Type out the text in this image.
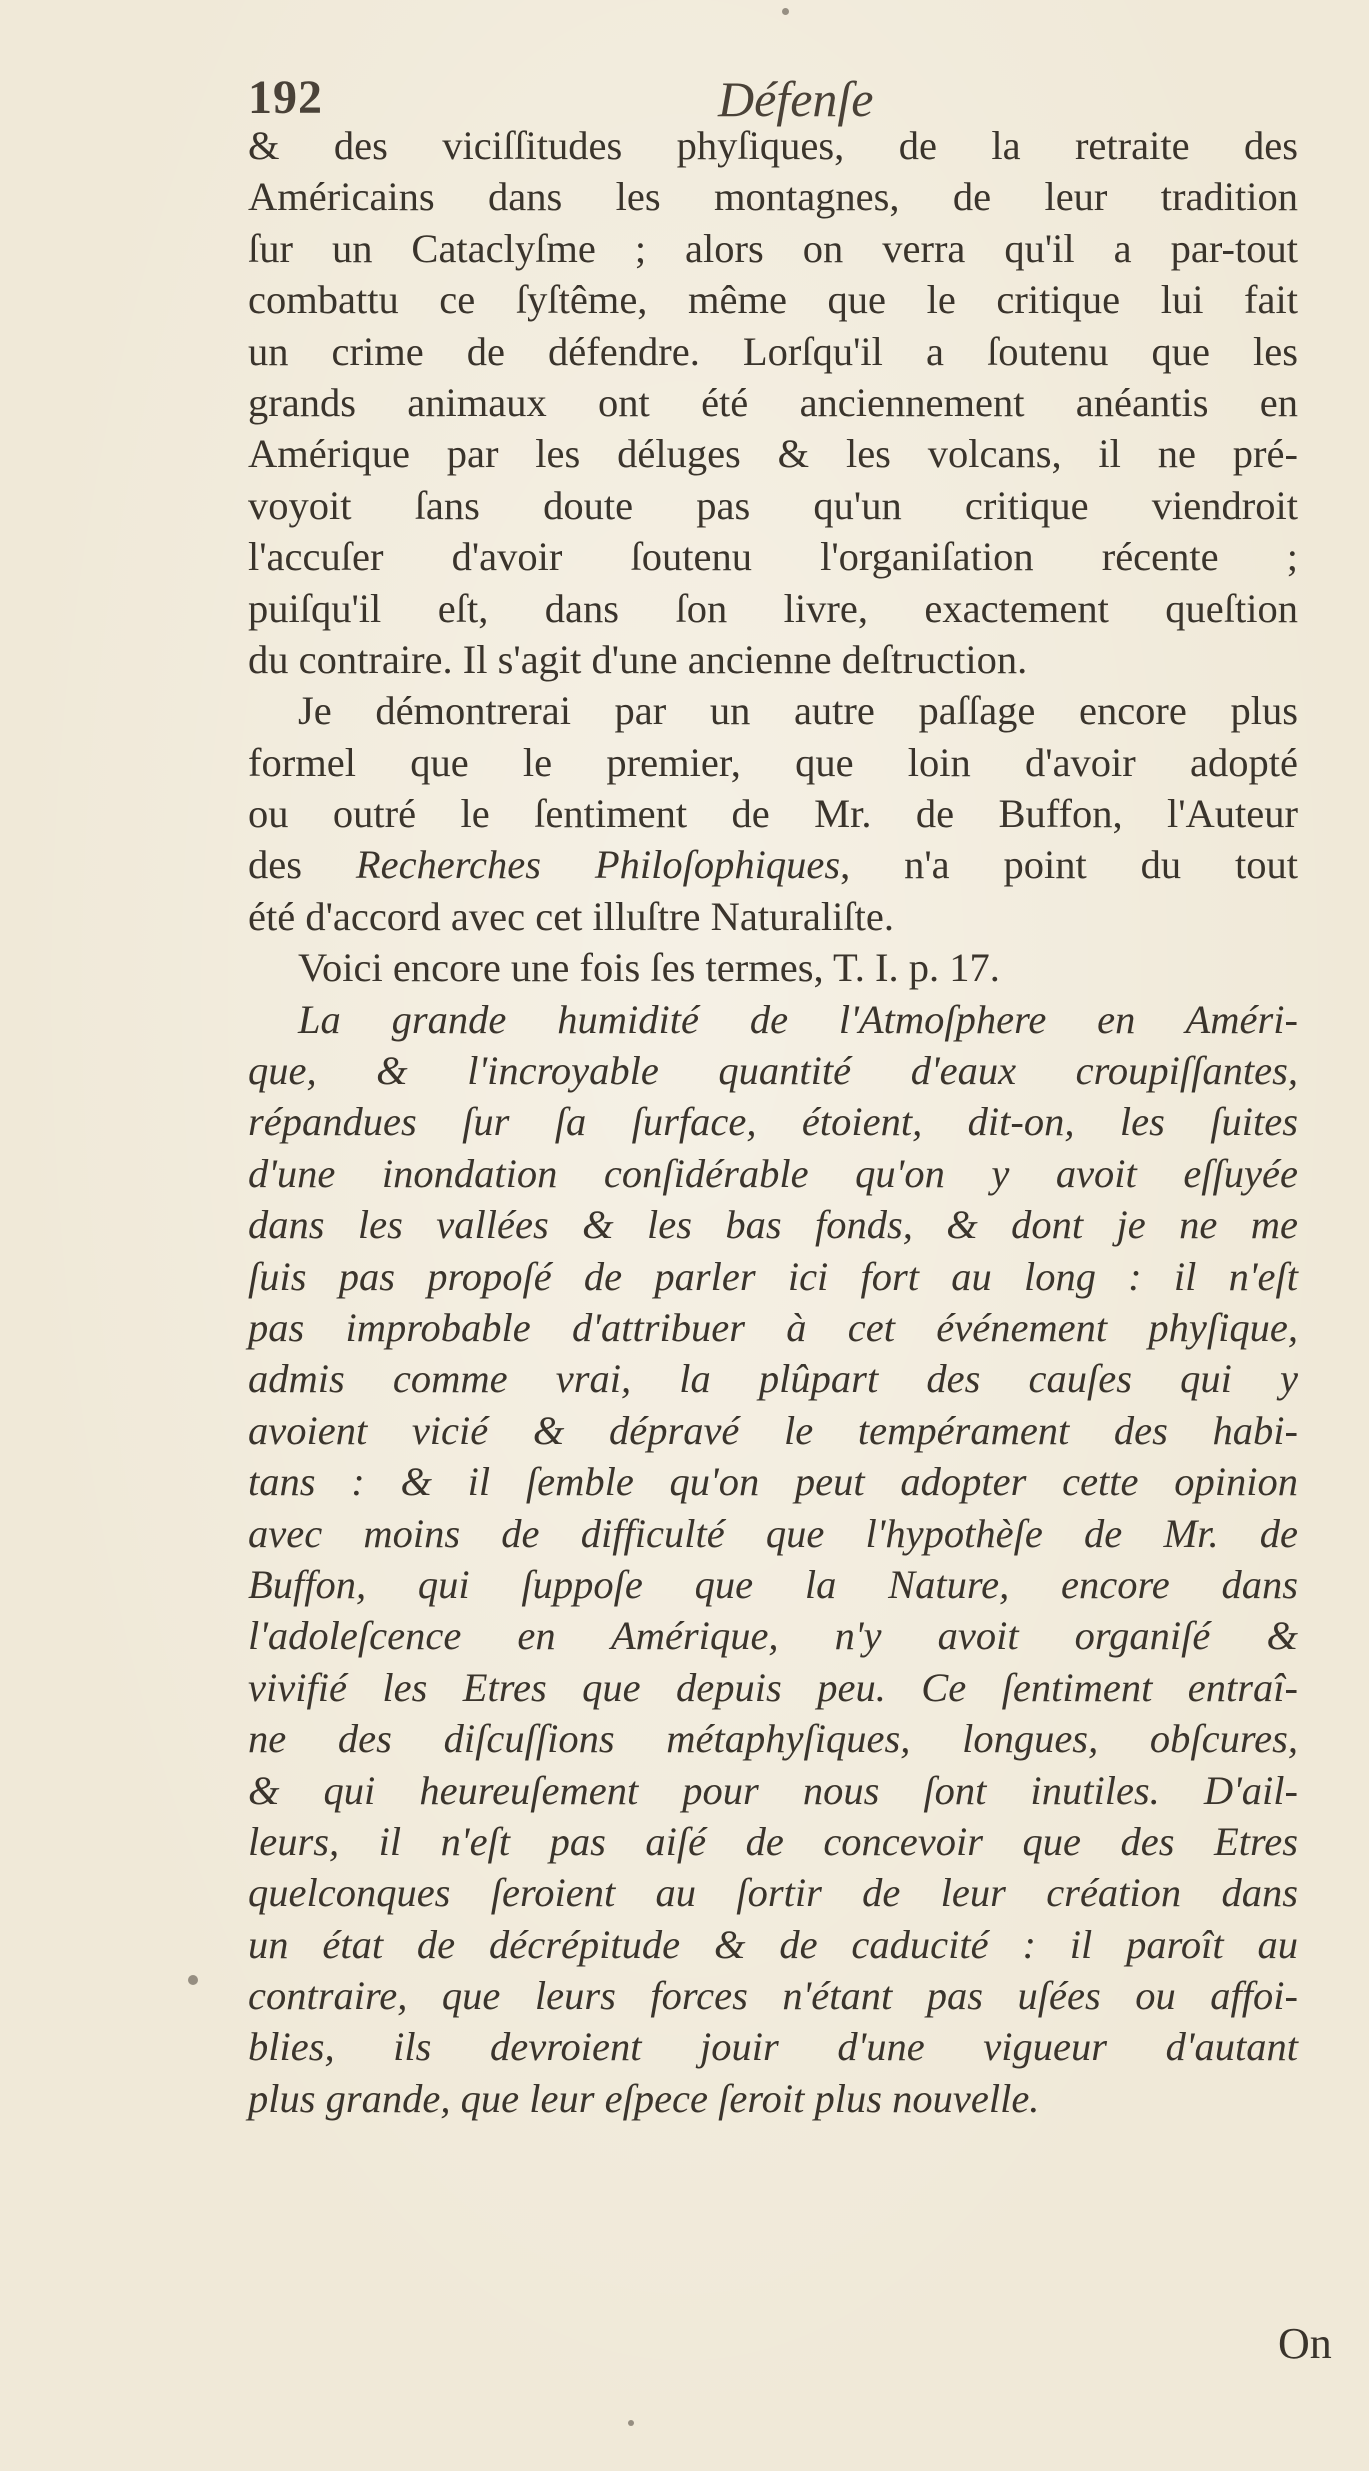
192	Défenſe
& des viciſſitudes phyſiques, de la retraite des
Américains dans les montagnes, de leur tradition
ſur un Cataclyſme ; alors on verra qu'il a par-tout
combattu ce ſyſtême, même que le critique lui fait
un crime de défendre. Lorſqu'il a ſoutenu que les
grands animaux ont été anciennement anéantis en
Amérique par les déluges & les volcans, il ne pré-
voyoit ſans doute pas qu'un critique viendroit
l'accuſer d'avoir ſoutenu l'organiſation récente ;
puiſqu'il eſt, dans ſon livre, exactement queſtion
du contraire. Il s'agit d'une ancienne deſtruction.
Je démontrerai par un autre paſſage encore plus
formel que le premier, que loin d'avoir adopté
ou outré le ſentiment de Mr. de Buffon, l'Auteur
des Recherches Philoſophiques, n'a point du tout
été d'accord avec cet illuſtre Naturaliſte.
Voici encore une fois ſes termes, T. I. p. 17.
La grande humidité de l'Atmoſphere en Améri-
que, & l'incroyable quantité d'eaux croupiſſantes,
répandues ſur ſa ſurface, étoient, dit-on, les ſuites
d'une inondation conſidérable qu'on y avoit eſſuyée
dans les vallées & les bas fonds, & dont je ne me
ſuis pas propoſé de parler ici fort au long : il n'eſt
pas improbable d'attribuer à cet événement phyſique,
admis comme vrai, la plûpart des cauſes qui y
avoient vicié & dépravé le tempérament des habi-
tans : & il ſemble qu'on peut adopter cette opinion
avec moins de difficulté que l'hypothèſe de Mr. de
Buffon, qui ſuppoſe que la Nature, encore dans
l'adoleſcence en Amérique, n'y avoit organiſé &
vivifié les Etres que depuis peu. Ce ſentiment entraî-
ne des diſcuſſions métaphyſiques, longues, obſcures,
& qui heureuſement pour nous ſont inutiles. D'ail-
leurs, il n'eſt pas aiſé de concevoir que des Etres
quelconques ſeroient au ſortir de leur création dans
un état de décrépitude & de caducité : il paroît au
contraire, que leurs forces n'étant pas uſées ou affoi-
blies, ils devroient jouir d'une vigueur d'autant
plus grande, que leur eſpece ſeroit plus nouvelle.
On
